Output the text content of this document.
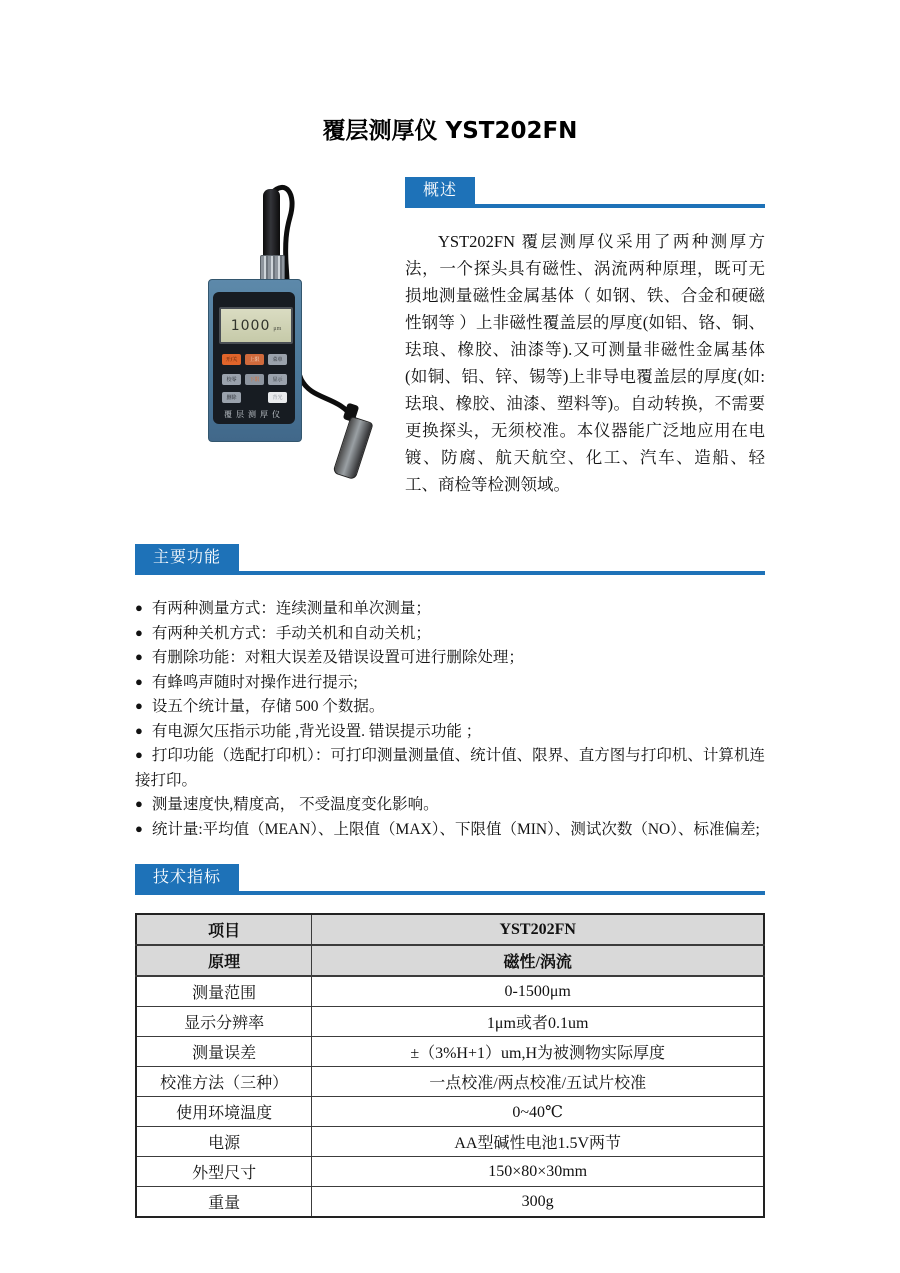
覆层测厚仪 YST202FN
1000 μm
开/关	上限	菜单
校零	下限	显示
删除	背光
覆层测厚仪
概述

YST202FN 覆层测厚仪采用了两种测厚方法，一个探头具有磁性、涡流两种原理，既可无损地测量磁性金属基体（ 如钢、铁、合金和硬磁性钢等 ）上非磁性覆盖层的厚度(如铝、铬、铜、珐琅、橡胶、油漆等).又可测量非磁性金属基体(如铜、铝、锌、锡等)上非导电覆盖层的厚度(如:珐琅、橡胶、油漆、塑料等)。自动转换，不需要更换探头，无须校准。本仪器能广泛地应用在电镀、防腐、航天航空、化工、汽车、造船、轻工、商检等检测领域。

主要功能

● 有两种测量方式：连续测量和单次测量；

● 有两种关机方式：手动关机和自动关机；

● 有删除功能：对粗大误差及错误设置可进行删除处理；

● 有蜂鸣声随时对操作进行提示;

● 设五个统计量，存储 500 个数据。

● 有电源欠压指示功能 ,背光设置. 错误提示功能 ；

● 打印功能（选配打印机）：可打印测量测量值、统计值、限界、直方图与打印机、计算机连接打印。

● 测量速度快,精度高， 不受温度变化影响。

● 统计量:平均值（MEAN）、上限值（MAX）、下限值（MIN）、测试次数（NO）、标准偏差;

技术指标
项目	YST202FN
原理	磁性/涡流
测量范围	0-1500μm
显示分辨率	1μm或者0.1um
测量误差	±（3%H+1）um,H为被测物实际厚度
校准方法（三种）	一点校准/两点校准/五试片校准
使用环境温度	0~40℃
电源	AA型碱性电池1.5V两节
外型尺寸	150×80×30mm
重量	300g
